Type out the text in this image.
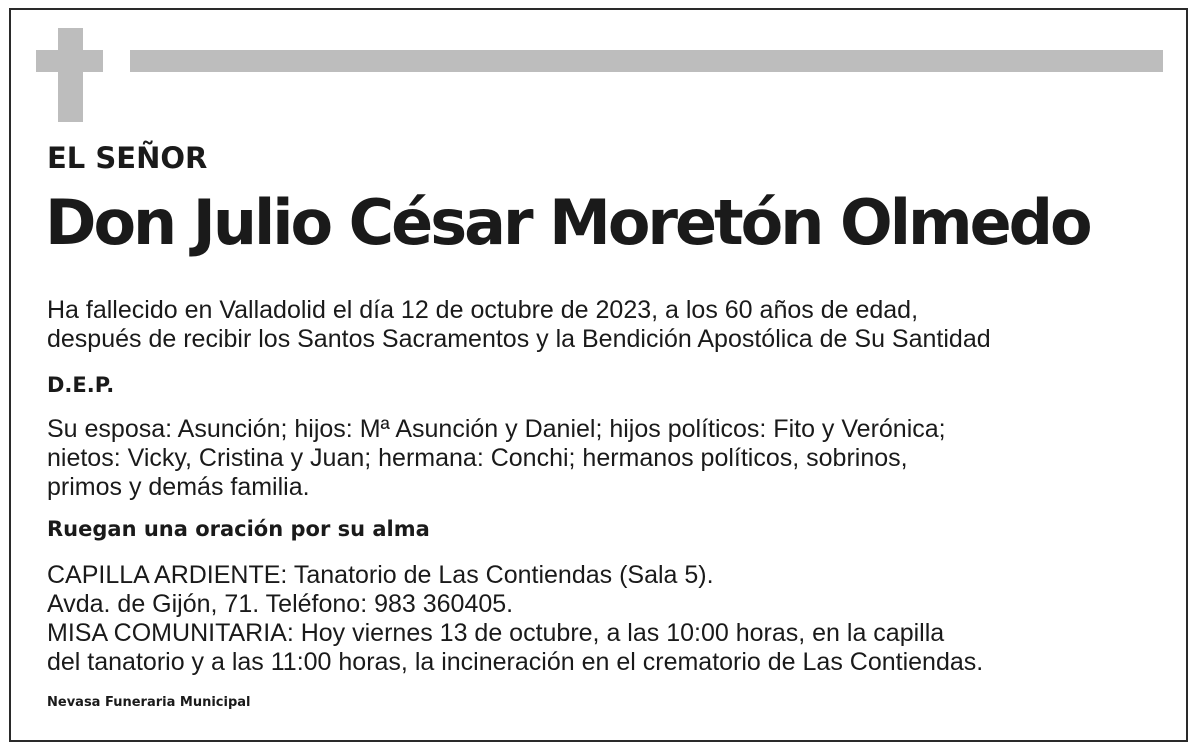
EL SEÑOR
Don Julio César Moretón Olmedo
Ha fallecido en Valladolid el día 12 de octubre de 2023, a los 60 años de edad,
después de recibir los Santos Sacramentos y la Bendición Apostólica de Su Santidad
D.E.P.
Su esposa: Asunción; hijos: Mª Asunción y Daniel; hijos políticos: Fito y Verónica;
nietos: Vicky, Cristina y Juan; hermana: Conchi; hermanos políticos, sobrinos,
primos y demás familia.
Ruegan una oración por su alma
CAPILLA ARDIENTE: Tanatorio de Las Contiendas (Sala 5).
Avda. de Gijón, 71. Teléfono: 983 360405.
MISA COMUNITARIA: Hoy viernes 13 de octubre, a las 10:00 horas, en la capilla
del tanatorio y a las 11:00 horas, la incineración en el crematorio de Las Contiendas.
Nevasa Funeraria Municipal
